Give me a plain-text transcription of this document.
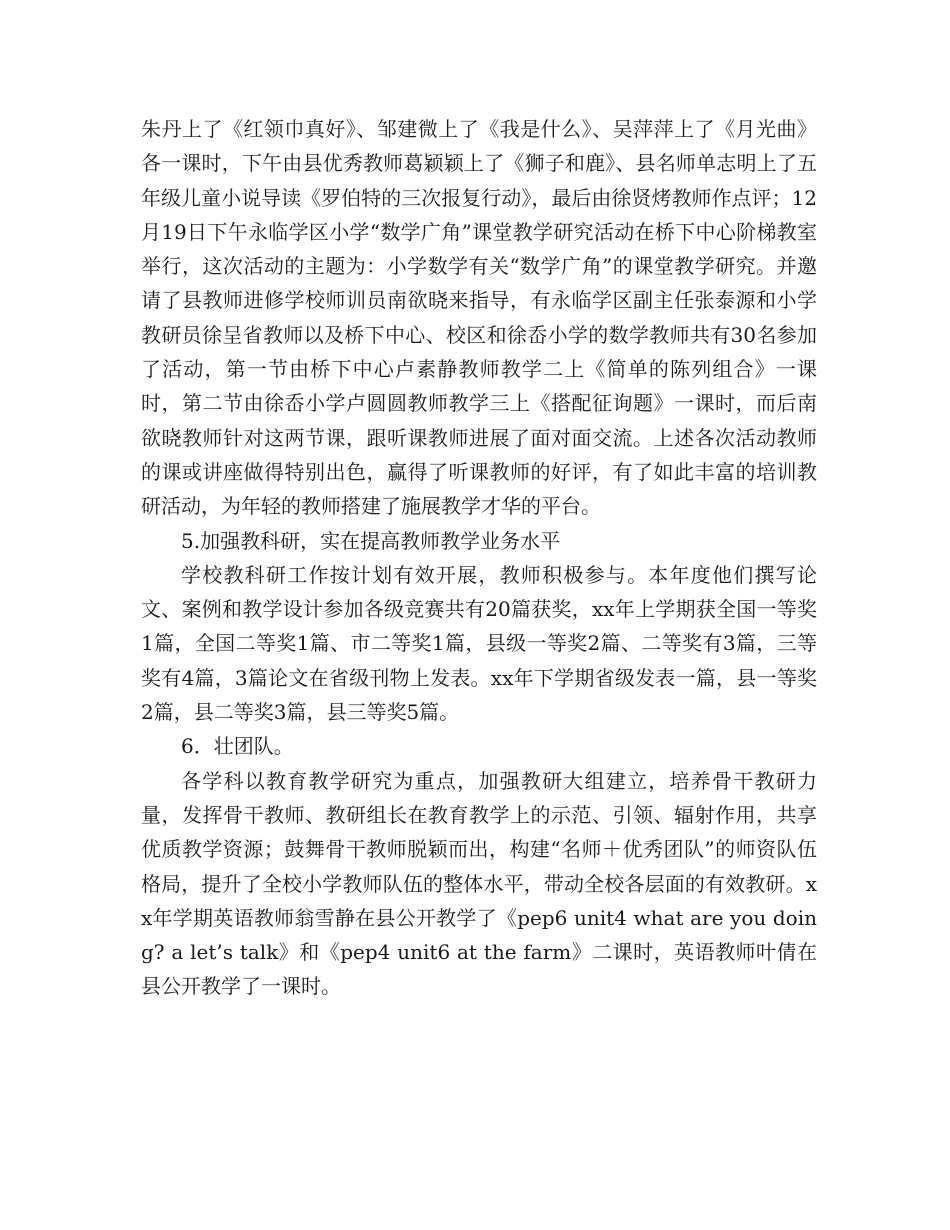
朱丹上了《红领巾真好》、邹建微上了《我是什么》、吴萍萍上了《月光曲》各一课时，下午由县优秀教师葛颖颖上了《狮子和鹿》、县名师单志明上了五年级儿童小说导读《罗伯特的三次报复行动》，最后由徐贤烤教师作点评；12月19日下午永临学区小学“数学广角”课堂教学研究活动在桥下中心阶梯教室举行，这次活动的主题为：小学数学有关“数学广角”的课堂教学研究。并邀请了县教师进修学校师训员南欲晓来指导，有永临学区副主任张泰源和小学教研员徐呈省教师以及桥下中心、校区和徐岙小学的数学教师共有30名参加了活动，第一节由桥下中心卢素静教师教学二上《简单的陈列组合》一课时，第二节由徐岙小学卢圆圆教师教学三上《搭配征询题》一课时，而后南欲晓教师针对这两节课，跟听课教师进展了面对面交流。上述各次活动教师的课或讲座做得特别出色，赢得了听课教师的好评，有了如此丰富的培训教研活动，为年轻的教师搭建了施展教学才华的平台。

5.加强教科研，实在提高教师教学业务水平

学校教科研工作按计划有效开展，教师积极参与。本年度他们撰写论文、案例和教学设计参加各级竞赛共有20篇获奖，xx年上学期获全国一等奖1篇，全国二等奖1篇、市二等奖1篇，县级一等奖2篇、二等奖有3篇，三等奖有4篇，3篇论文在省级刊物上发表。xx年下学期省级发表一篇，县一等奖2篇，县二等奖3篇，县三等奖5篇。

6．壮团队。

各学科以教育教学研究为重点，加强教研大组建立，培养骨干教研力量，发挥骨干教师、教研组长在教育教学上的示范、引领、辐射作用，共享优质教学资源；鼓舞骨干教师脱颖而出，构建“名师＋优秀团队”的师资队伍格局，提升了全校小学教师队伍的整体水平，带动全校各层面的有效教研。xx年学期英语教师翁雪静在县公开教学了《pep6 unit4 what are you doing? a let’s talk》和《pep4 unit6 at the farm》二课时，英语教师叶倩在县公开教学了一课时。
